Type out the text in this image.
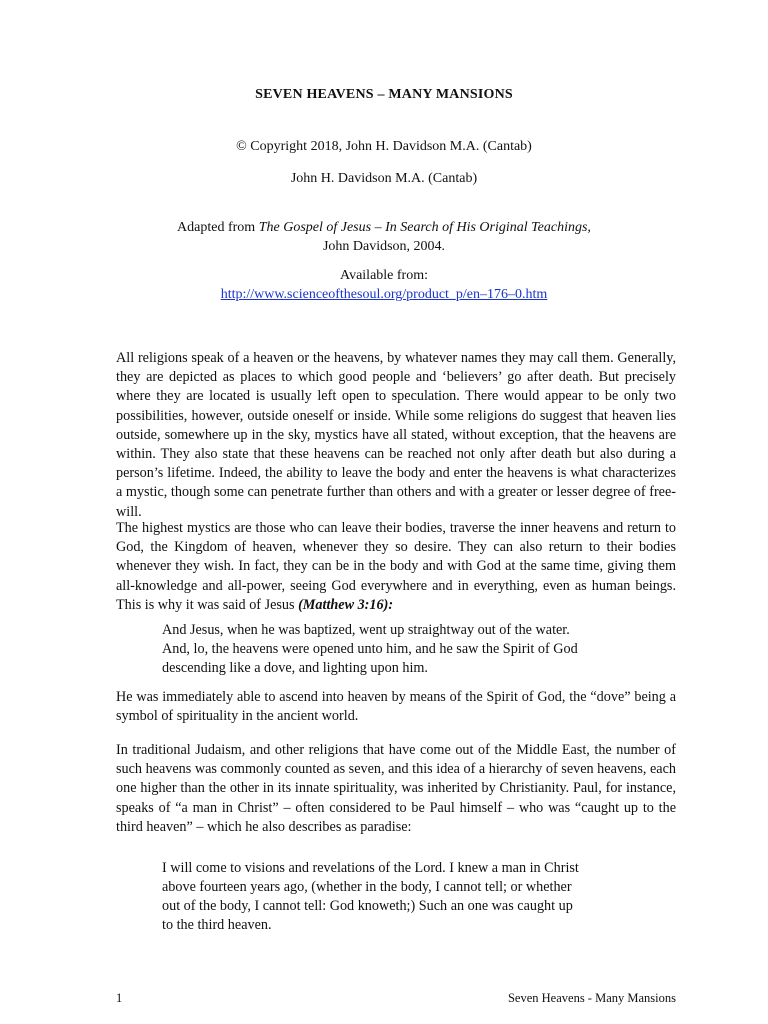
SEVEN HEAVENS – MANY MANSIONS
© Copyright 2018, John H. Davidson M.A. (Cantab)
John H. Davidson M.A. (Cantab)
Adapted from The Gospel of Jesus – In Search of His Original Teachings,
John Davidson, 2004.
Available from:
http://www.scienceofthesoul.org/product_p/en–176–0.htm

All religions speak of a heaven or the heavens, by whatever names they may call them. Generally, they are depicted as places to which good people and ‘believers’ go after death. But precisely where they are located is usually left open to speculation. There would appear to be only two possibilities, however, outside oneself or inside. While some religions do suggest that heaven lies outside, somewhere up in the sky, mystics have all stated, without exception, that the heavens are within. They also state that these heavens can be reached not only after death but also during a person’s lifetime. Indeed, the ability to leave the body and enter the heavens is what characterizes a mystic, though some can penetrate further than others and with a greater or lesser degree of free-will.

The highest mystics are those who can leave their bodies, traverse the inner heavens and return to God, the Kingdom of heaven, whenever they so desire. They can also return to their bodies whenever they wish. In fact, they can be in the body and with God at the same time, giving them all-knowledge and all-power, seeing God everywhere and in everything, even as human beings. This is why it was said of Jesus (Matthew 3:16):

And Jesus, when he was baptized, went up straightway out of the water.
And, lo, the heavens were opened unto him, and he saw the Spirit of God
descending like a dove, and lighting upon him.

He was immediately able to ascend into heaven by means of the Spirit of God, the “dove” being a symbol of spirituality in the ancient world.

In traditional Judaism, and other religions that have come out of the Middle East, the number of such heavens was commonly counted as seven, and this idea of a hierarchy of seven heavens, each one higher than the other in its innate spirituality, was inherited by Christianity. Paul, for instance, speaks of “a man in Christ” – often considered to be Paul himself – who was “caught up to the third heaven” – which he also describes as paradise:

I will come to visions and revelations of the Lord. I knew a man in Christ
above fourteen years ago, (whether in the body, I cannot tell; or whether
out of the body, I cannot tell: God knoweth;) Such an one was caught up
to the third heaven.
1	Seven Heavens - Many Mansions
